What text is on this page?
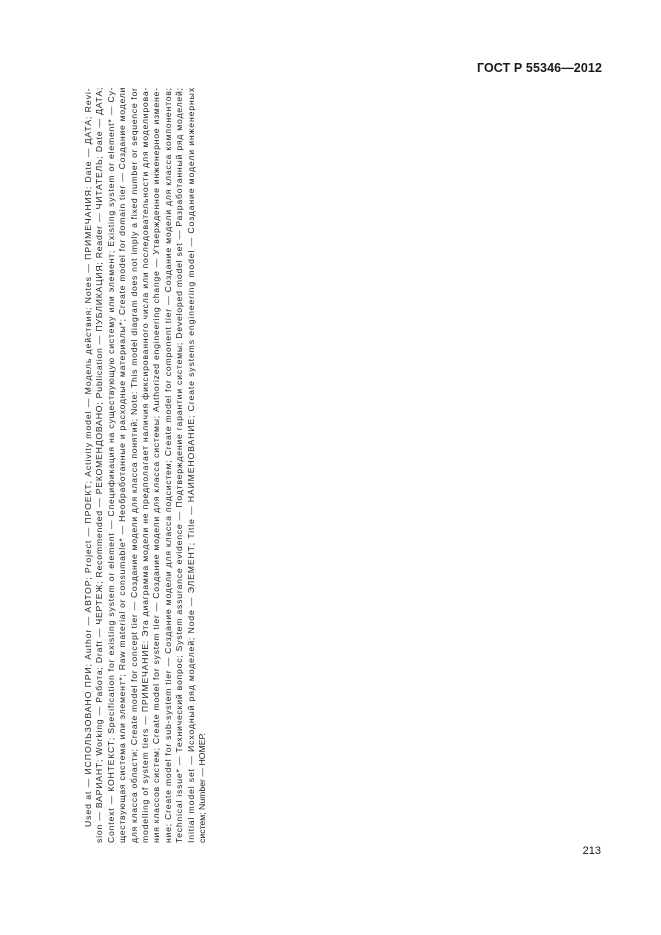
ГОСТ Р 55346—2012
Used at — ИСПОЛЬЗОВАНО ПРИ; Author — АВТОР; Project — ПРОЕКТ; Activity model — Модель действия; Notes — ПРИМЕЧАНИЯ; Date — ДАТА; Revi- sion — ВАРИАНТ; Working — Работа; Draft — ЧЕРТЕЖ; Recommended — РЕКОМЕНДОВАНО; Publication — ПУБЛИКАЦИЯ; Reader — ЧИТАТЕЛЬ; Date — ДАТА; Context — КОНТЕКСТ; Specification for existing system or element — Спецификация на существующую систему или элемент; Existing system or element* — Су- ществующая система или элемент*; Raw material or consumable* — Необработанные и расходные материалы*; Create model for domain tier — Создание модели для класса области; Create model for concept tier — Создание модели для класса понятий; Note: This model diagram does not imply a fixed number or sequence for modelling of system tiers — ПРИМЕЧАНИЕ: Эта диаграмма модели не предполагает наличия фиксированного числа или последовательности для моделирова- ния классов систем; Create model for system tier — Создание модели для класса системы; Authorized engineering change — Утвержденное инженерное измене- ние; Create model for sub-system tier — Создание модели для класса подсистем; Create model for component tier — Создание модели для класса компонентов; Technical issue* — Технический вопрос; System assurance evidence — Подтверждение гарантии системы; Developed model set — Разработанный ряд моделей; Initial model set — Исходный ряд моделей; Node — ЭЛЕМЕНТ; Title — НАИМЕНОВАНИЕ; Create systems engineering model — Создание модели инженерных систем; Number — НОМЕР.
213
